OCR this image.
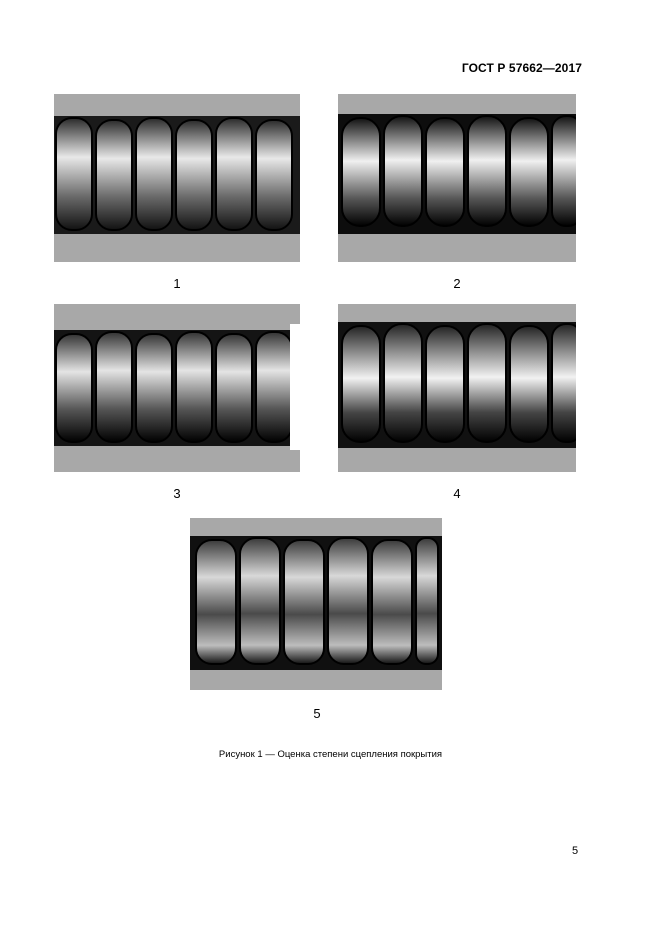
ГОСТ Р 57662—2017
1	2
3	4
5
Рисунок 1 — Оценка степени сцепления покрытия
5
